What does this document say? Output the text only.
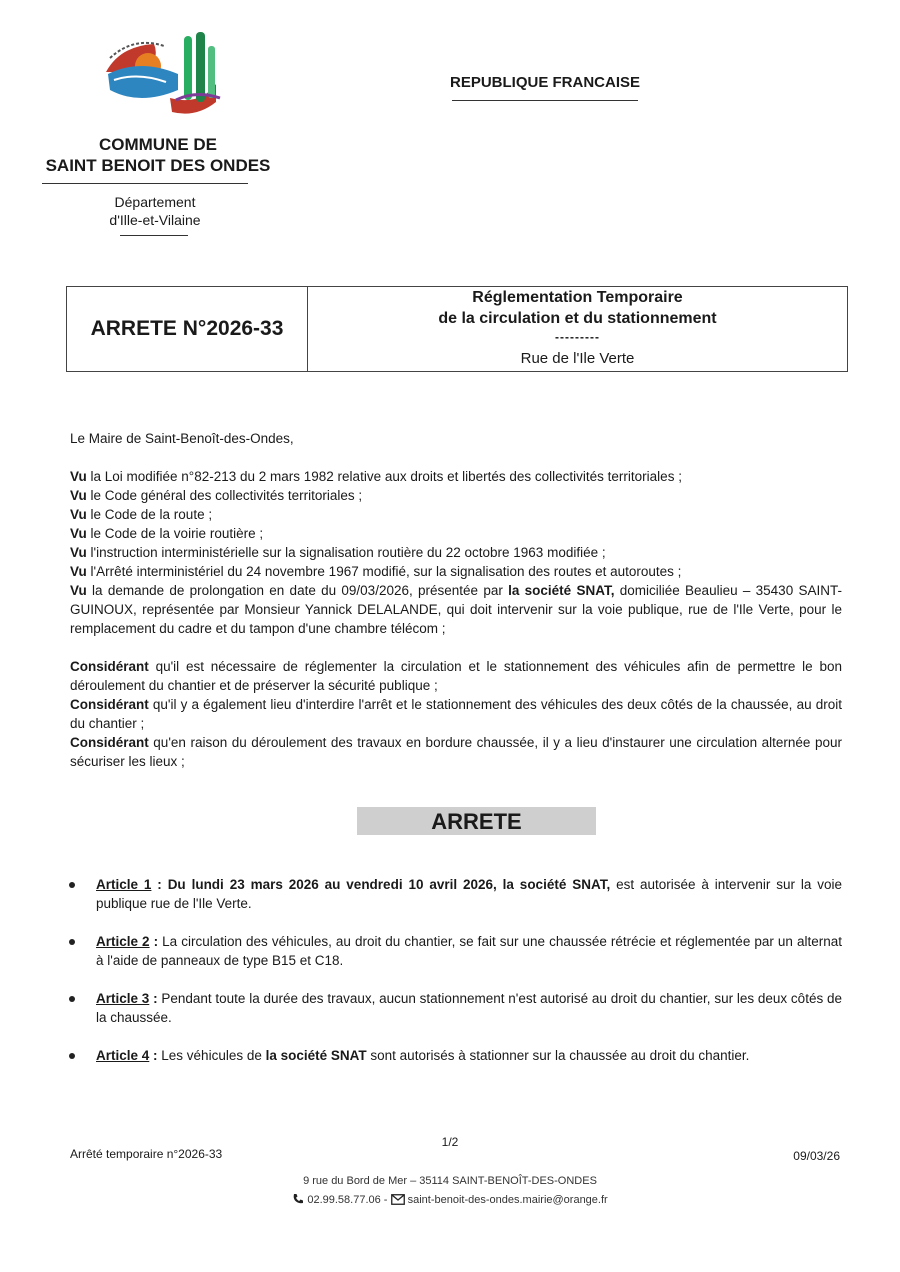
COMMUNE DE
SAINT BENOIT DES ONDES
Département
d'Ille-et-Vilaine
REPUBLIQUE FRANCAISE
ARRETE N°2026-33
Réglementation Temporaire
de la circulation et du stationnement
---------
Rue de l'Ile Verte
Le Maire de Saint-Benoît-des-Ondes,

Vu la Loi modifiée n°82-213 du 2 mars 1982 relative aux droits et libertés des collectivités territoriales ;

Vu le Code général des collectivités territoriales ;

Vu le Code de la route ;

Vu le Code de la voirie routière ;

Vu l'instruction interministérielle sur la signalisation routière du 22 octobre 1963 modifiée ;

Vu l'Arrêté interministériel du 24 novembre 1967 modifié, sur la signalisation des routes et autoroutes ;

Vu la demande de prolongation en date du 09/03/2026, présentée par la société SNAT, domiciliée Beaulieu – 35430 SAINT-GUINOUX, représentée par Monsieur Yannick DELALANDE, qui doit intervenir sur la voie publique, rue de l'Ile Verte, pour le remplacement du cadre et du tampon d'une chambre télécom ;

Considérant qu'il est nécessaire de réglementer la circulation et le stationnement des véhicules afin de permettre le bon déroulement du chantier et de préserver la sécurité publique ;

Considérant qu'il y a également lieu d'interdire l'arrêt et le stationnement des véhicules des deux côtés de la chaussée, au droit du chantier ;

Considérant qu'en raison du déroulement des travaux en bordure chaussée, il y a lieu d'instaurer une circulation alternée pour sécuriser les lieux ;

ARRETE
Article 1 : Du lundi 23 mars 2026 au vendredi 10 avril 2026, la société SNAT, est autorisée à intervenir sur la voie publique rue de l'Ile Verte.
Article 2 : La circulation des véhicules, au droit du chantier, se fait sur une chaussée rétrécie et réglementée par un alternat à l'aide de panneaux de type B15 et C18.
Article 3 : Pendant toute la durée des travaux, aucun stationnement n'est autorisé au droit du chantier, sur les deux côtés de la chaussée.
Article 4 : Les véhicules de la société SNAT sont autorisés à stationner sur la chaussée au droit du chantier.
1/2
Arrêté temporaire n°2026-33	09/03/26
9 rue du Bord de Mer – 35114 SAINT-BENOÎT-DES-ONDES
02.99.58.77.06 -  saint-benoit-des-ondes.mairie@orange.fr
